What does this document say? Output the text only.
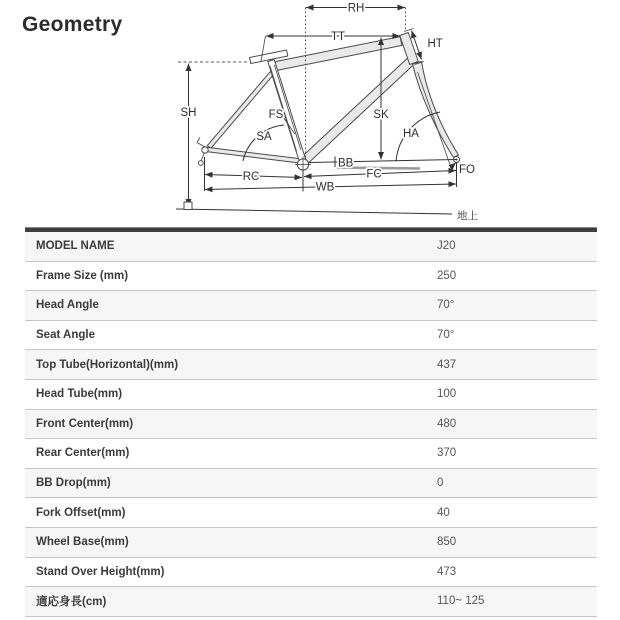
Geometry
RH
TT
HT
SH	FS
SA
SK
HA
BB
RC	FC
WB
FO
地上
MODEL NAME	J20
Frame Size (mm)	250
Head Angle	70°
Seat Angle	70°
Top Tube(Horizontal)(mm)	437
Head Tube(mm)	100
Front Center(mm)	480
Rear Center(mm)	370
BB Drop(mm)	0
Fork Offset(mm)	40
Wheel Base(mm)	850
Stand Over Height(mm)	473
適応身長(cm)	110~ 125
